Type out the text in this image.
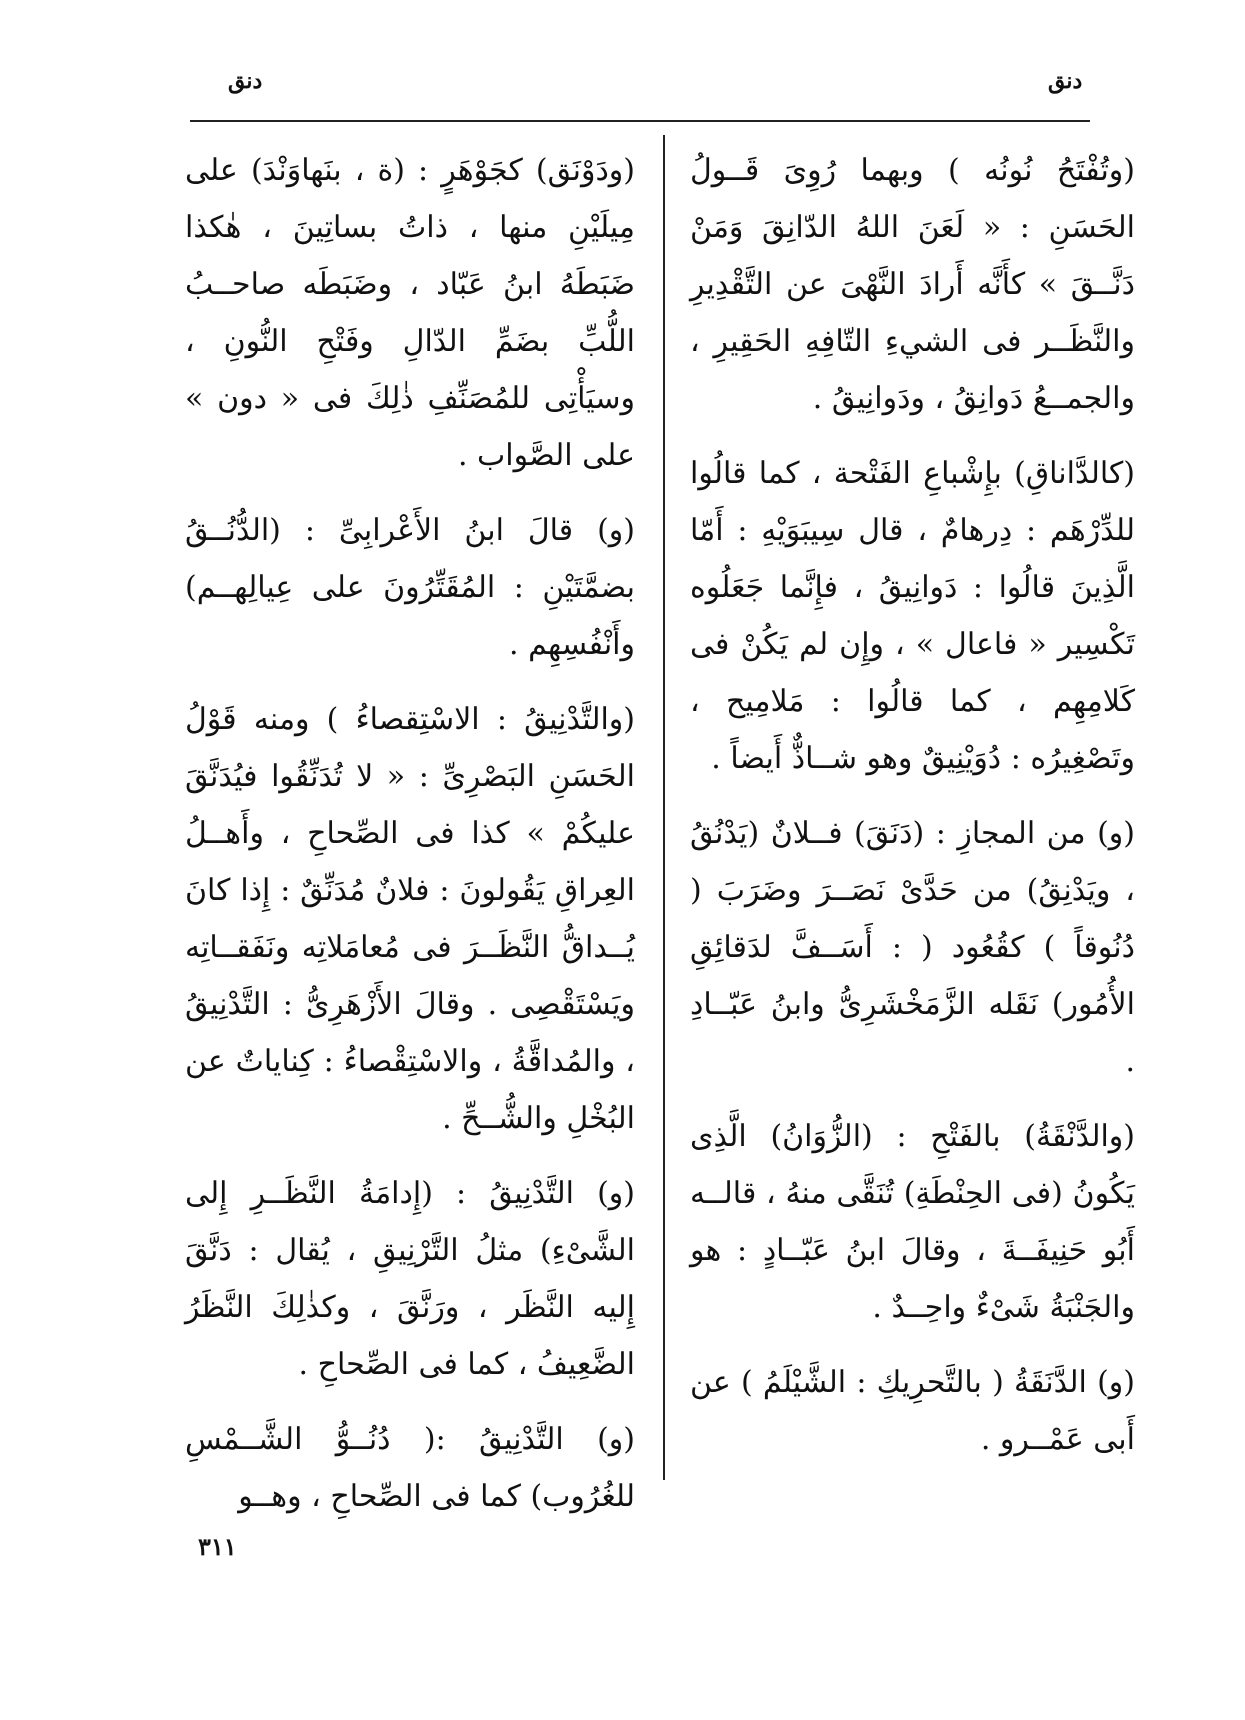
دنق	دنق

(وتُفْتَحُ نُونُه ) وبهما رُوِىَ قَــولُ الحَسَنِ : « لَعَنَ اللهُ الدّانِقَ وَمَنْ دَنَّــقَ » كأَنَّه أَرادَ النَّهْىَ عن التَّقْدِيرِ والنَّظَــر فى الشيءِ التّافِهِ الحَقِيرِ ، والجمــعُ دَوانِقُ ، ودَوانِيقُ .

(كالدَّاناقِ) بإِشْباعِ الفَتْحة ، كما قالُوا للدِّرْهَم : دِرهامٌ ، قال سِيبَوَيْهِ : أَمّا الَّذِينَ قالُوا : دَوانِيقُ ، فإِنَّما جَعَلُوه تَكْسِير « فاعال » ، وإِن لم يَكُنْ فى كَلامِهِم ، كما قالُوا : مَلامِيح ، وتَصْغِيرُه : دُوَيْنِيقٌ وهو شــاذٌّ أَيضاً .

(و) من المجازِ : (دَنَقَ) فــلانٌ (يَدْنُقُ ، ويَدْنِقُ) من حَدَّىْ نَصَــرَ وضَرَبَ ( دُنُوقاً ) كقُعُود ( : أَسَــفَّ لدَقائِقِ الأُمُور) نَقَله الزَّمَخْشَرِىُّ وابنُ عَبّــادِ .

(والدَّنْقَةُ) بالفَتْحِ : (الزُّوَانُ) الَّذِى يَكُونُ (فى الحِنْطَةِ) تُنَقَّى منهُ ، قالــه أَبُو حَنِيفَــةَ ، وقالَ ابنُ عَبّــادٍ : هو والجَنْبَةُ شَىْءٌ واحِــدٌ .

(و) الدَّنَقَةُ ( بالتَّحرِيكِ : الشَّيْلَمُ ) عن أَبى عَمْــرو .

(ودَوْنَق) كجَوْهَرٍ : (ة ، بنَهاوَنْدَ) على مِيلَيْنِ منها ، ذاتُ بساتِينَ ، هٰكذا ضَبَطَهُ ابنُ عَبّاد ، وضَبَطَه صاحــبُ اللُّبِّ بضَمِّ الدّالِ وفَتْحِ النُّونِ ، وسيَأْتِى للمُصَنِّفِ ذٰلِكَ فى « دون » على الصَّواب .

(و) قالَ ابنُ الأَعْرابِىِّ : (الدُّنُــقُ بضمَّتَيْنِ : المُقَتِّرُونَ على عِيالِهــم) وأَنْفُسِهِم .

(والتَّدْنِيقُ : الاسْتِقصاءُ ) ومنه قَوْلُ الحَسَنِ البَصْرِىِّ : « لا تُدَنِّقُوا فيُدَنَّقَ عليكُمْ » كذا فى الصِّحاحِ ، وأَهــلُ العِراقِ يَقُولونَ : فلانٌ مُدَنِّقٌ : إِذا كانَ يُــداقُّ النَّظَــرَ فى مُعامَلاتِه ونَفَقــاتِه ويَسْتَقْصِى . وقالَ الأَزْهَرِىُّ : التَّدْنِيقُ ، والمُداقَّةُ ، والاسْتِقْصاءُ : كِناياتٌ عن البُخْلِ والشُّــحِّ .

(و) التَّدْنِيقُ : (إِدامَةُ النَّظَــرِ إِلى الشَّىْءِ) مثلُ التَّرْنِيقِ ، يُقال : دَنَّقَ إِليه النَّظَر ، ورَنَّقَ ، وكذٰلِكَ النَّظَرُ الضَّعِيفُ ، كما فى الصِّحاحِ .

(و) التَّدْنِيقُ :( دُنُــوُّ الشَّــمْسِ للغُرُوب) كما فى الصِّحاحِ ، وهــو

٣١١
